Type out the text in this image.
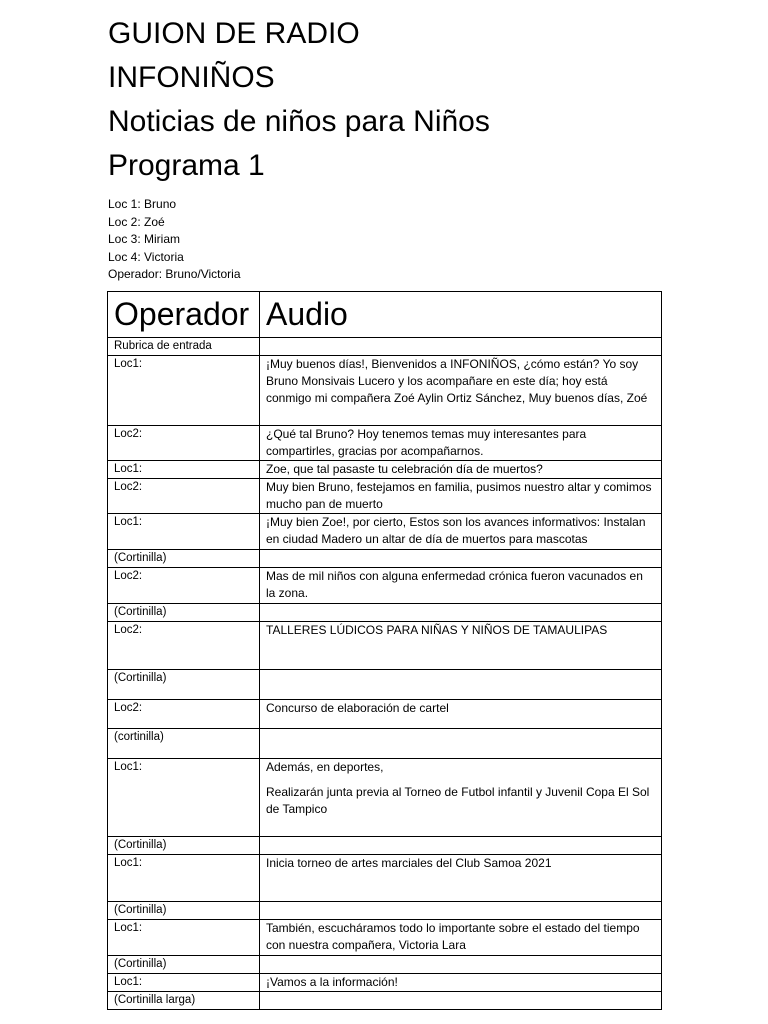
GUION DE RADIO
INFONIÑOS
Noticias de niños para Niños
Programa 1
Loc 1: Bruno
Loc 2: Zoé
Loc 3: Miriam
Loc 4: Victoria
Operador: Bruno/Victoria
Operador	Audio
Rubrica de entrada	
Loc1:	¡Muy buenos días!, Bienvenidos a INFONIÑOS, ¿cómo están? Yo soy Bruno Monsivais Lucero y los acompañare en este día; hoy está conmigo mi compañera Zoé Aylin Ortiz Sánchez, Muy buenos días, Zoé
Loc2:	¿Qué tal Bruno? Hoy tenemos temas muy interesantes para compartirles, gracias por acompañarnos.
Loc1:	Zoe, que tal pasaste tu celebración día de muertos?
Loc2:	Muy bien Bruno, festejamos en familia, pusimos nuestro altar y comimos mucho pan de muerto
Loc1:	¡Muy bien Zoe!, por cierto, Estos son los avances informativos: Instalan en ciudad Madero un altar de día de muertos para mascotas
(Cortinilla)	
Loc2:	Mas de mil niños con alguna enfermedad crónica fueron vacunados en la zona.
(Cortinilla)	
Loc2:	TALLERES LÚDICOS PARA NIÑAS Y NIÑOS DE TAMAULIPAS
(Cortinilla)	
Loc2:	Concurso de elaboración de cartel
(cortinilla)	
Loc1:	Además, en deportes,
Realizarán junta previa al Torneo de Futbol infantil y Juvenil Copa El Sol de Tampico

(Cortinilla)	
Loc1:	Inicia torneo de artes marciales del Club Samoa 2021
(Cortinilla)	
Loc1:	También, escucháramos todo lo importante sobre el estado del tiempo con nuestra compañera, Victoria Lara
(Cortinilla)	
Loc1:	¡Vamos a la información!
(Cortinilla larga)	
